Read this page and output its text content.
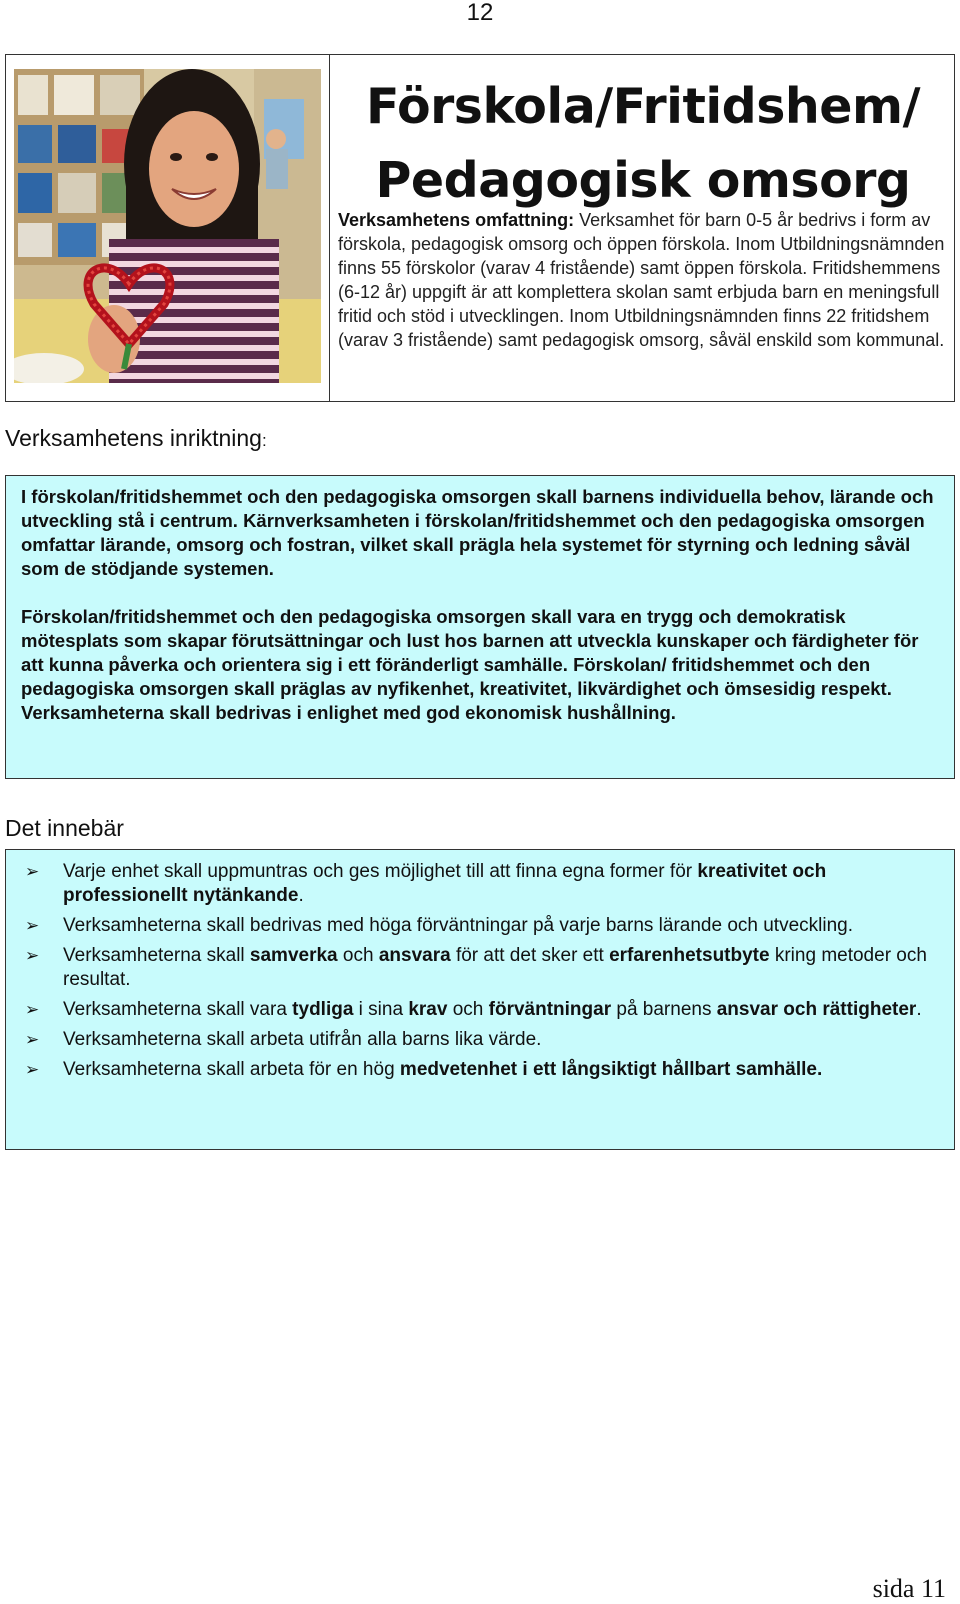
12
Förskola/Fritidshem/
Pedagogisk omsorg
Verksamhetens omfattning: Verksamhet för barn 0-5 år bedrivs i form av förskola, pedagogisk omsorg och öppen förskola. Inom Utbildningsnämnden finns 55 förskolor (varav 4 fristående) samt öppen förskola. Fritidshemmens (6-12 år) uppgift är att komplettera skolan samt erbjuda barn en meningsfull fritid och stöd i utvecklingen. Inom Utbildningsnämnden finns 22 fritidshem (varav 3 fristående) samt pedagogisk omsorg, såväl enskild som kommunal.
Verksamhetens inriktning:

I förskolan/fritidshemmet och den pedagogiska omsorgen skall barnens individuella behov, lärande och utveckling stå i centrum. Kärnverksamheten i förskolan/fritidshemmet och den pedagogiska omsorgen omfattar lärande, omsorg och fostran, vilket skall prägla hela systemet för styrning och ledning såväl som de stödjande systemen.

Förskolan/fritidshemmet och den pedagogiska omsorgen skall vara en trygg och demokratisk mötesplats som skapar förutsättningar och lust hos barnen att utveckla kunskaper och färdigheter för att kunna påverka och orientera sig i ett föränderligt samhälle. Förskolan/ fritidshemmet och den pedagogiska omsorgen skall präglas av nyfikenhet, kreativitet, likvärdighet och ömsesidig respekt. Verksamheterna skall bedrivas i enlighet med god ekonomisk hushållning.

Det innebär
➢ Varje enhet skall uppmuntras och ges möjlighet till att finna egna former för kreativitet och professionellt nytänkande.
➢ Verksamheterna skall bedrivas med höga förväntningar på varje barns lärande och utveckling.
➢ Verksamheterna skall samverka och ansvara för att det sker ett erfarenhetsutbyte kring metoder och resultat.
➢ Verksamheterna skall vara tydliga i sina krav och förväntningar på barnens ansvar och rättigheter.
➢ Verksamheterna skall arbeta utifrån alla barns lika värde.
➢ Verksamheterna skall arbeta för en hög medvetenhet i ett långsiktigt hållbart samhälle.
sida 11
